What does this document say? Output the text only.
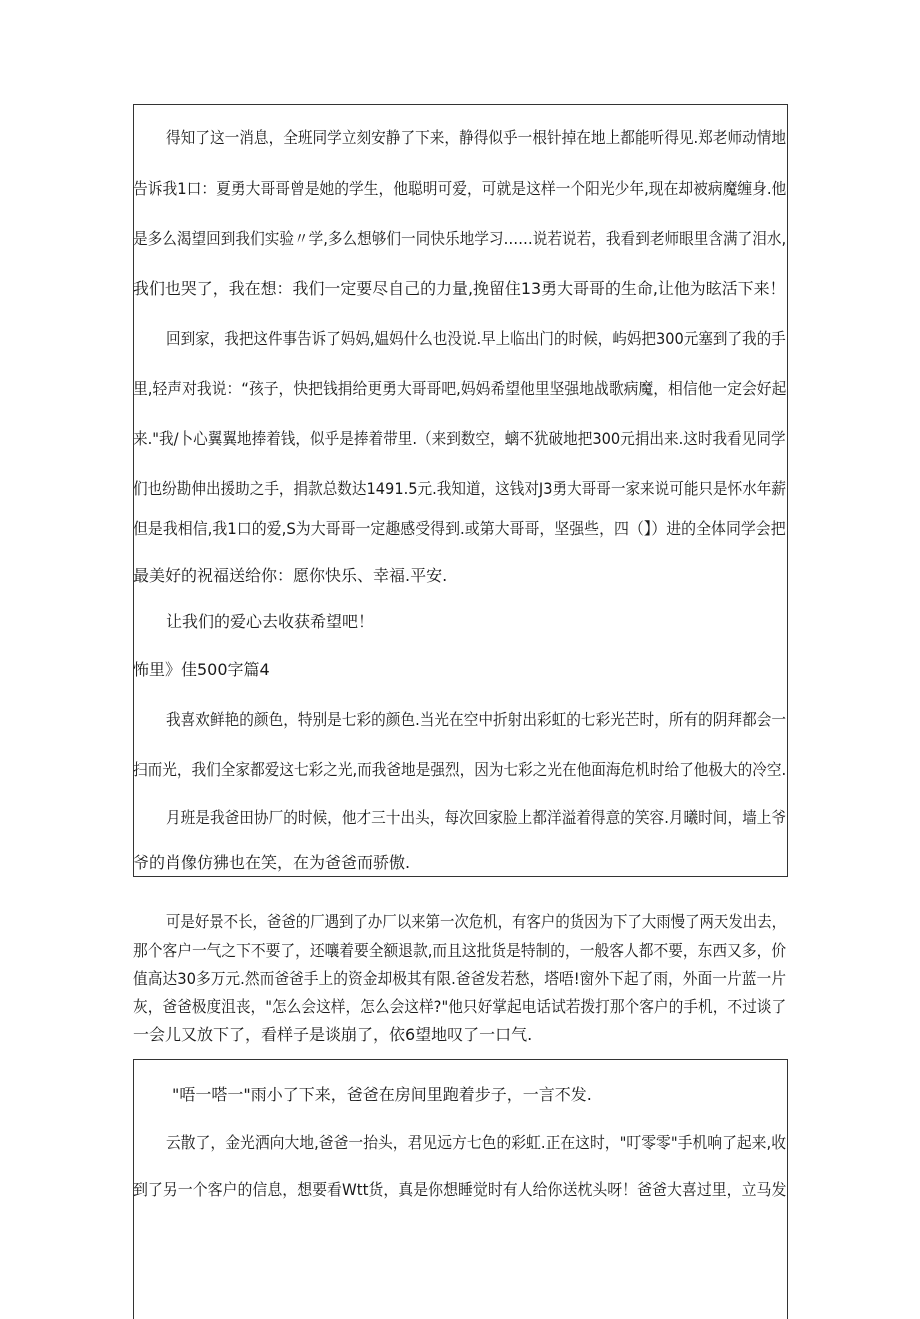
得知了这一消息，全班同学立刻安静了下来，静得似乎一根针掉在地上都能听得见.郑老师动情地
告诉我1口：夏勇大哥哥曾是她的学生，他聪明可爱，可就是这样一个阳光少年,现在却被病魔缠身.他
是多么渴望回到我们实验〃学,多么想够们一同快乐地学习……说若说若，我看到老师眼里含满了泪水,
我们也哭了，我在想：我们一定要尽自己的力量,挽留住13勇大哥哥的生命,让他为眩活下来！
回到家，我把这件事告诉了妈妈,媪妈什么也没说.早上临出门的时候，屿妈把300元塞到了我的手
里,轻声对我说：“孩子，快把钱捐给更勇大哥哥吧,妈妈希望他里坚强地战歌病魔，相信他一定会好起
来."我/卜心翼翼地捧着钱，似乎是捧着带里.（来到数空，螭不犹破地把300元捐出来.这时我看见同学
们也纷勘伸出援助之手，捐款总数达1491.5元.我知道，这钱对J3勇大哥哥一家来说可能只是怀水年薪
但是我相信,我1口的爱,S为大哥哥一定趣感受得到.或第大哥哥，坚强些，四（】）进的全体同学会把
最美好的祝福送给你：愿你快乐、幸福.平安.
让我们的爱心去收获希望吧！
怖里》佳500字篇4
我喜欢鲜艳的颜色，特别是七彩的颜色.当光在空中折射出彩虹的七彩光芒时，所有的阴拜都会一
扫而光，我们全家都爱这七彩之光,而我爸地是强烈，因为七彩之光在他面海危机时给了他极大的冷空.
月班是我爸田协厂的时候，他才三十出头，每次回家脸上都洋溢着得意的笑容.月曦时间，墙上爷
爷的肖像仿狒也在笑，在为爸爸而骄傲.
可是好景不长，爸爸的厂遇到了办厂以来第一次危机，有客户的货因为下了大雨慢了两天发出去，
那个客户一气之下不要了，还嚷着要全额退款,而且这批货是特制的，一般客人都不要，东西又多，价
值高达30多万元.然而爸爸手上的资金却极其有限.爸爸发若愁，塔唔!窗外下起了雨，外面一片蓝一片
灰，爸爸极度沮丧，"怎么会这样，怎么会这样?"他只好掌起电话试若拨打那个客户的手机，不过谈了
一会儿又放下了，看样子是谈崩了，依6望地叹了一口气.
"唔一嗒一"雨小了下来，爸爸在房间里跑着步子，一言不发.
云散了，金光洒向大地,爸爸一抬头，君见远方七色的彩虹.正在这时，"叮零零"手机响了起来,收
到了另一个客户的信息，想要看Wtt货，真是你想睡觉时有人给你送枕头呀！爸爸大喜过里，立马发
